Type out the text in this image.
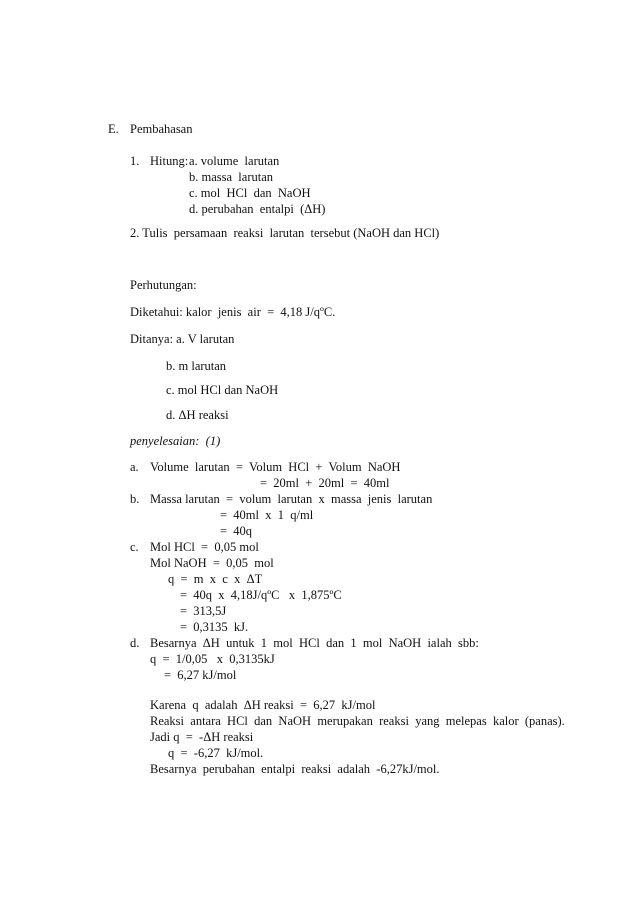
E. Pembahasan
1. Hitung: a. volume  larutan
b. massa  larutan
c. mol  HCl  dan  NaOH
d. perubahan  entalpi  (ΔH)
2. Tulis  persamaan  reaksi  larutan  tersebut (NaOH dan HCl)
Perhutungan:
Diketahui: kalor  jenis  air  =  4,18 J/qºC.
Ditanya: a. V larutan
b. m larutan
c. mol HCl dan NaOH
d. ΔH reaksi
penyelesaian:  (1)
a. Volume  larutan  =  Volum  HCl  +  Volum  NaOH
=  20ml  +  20ml  =  40ml
b. Massa larutan  =  volum  larutan  x  massa  jenis  larutan
=  40ml  x  1  q/ml
=  40q
c. Mol HCl  =  0,05 mol
Mol NaOH  =  0,05  mol
q  =  m  x  c  x  ΔT
=  40q  x  4,18J/qºC   x  1,875ºC
=  313,5J
=  0,3135  kJ.
d. Besarnya  ΔH  untuk  1  mol  HCl  dan  1  mol  NaOH  ialah  sbb:
q  =  1/0,05   x  0,3135kJ
=  6,27 kJ/mol
Karena  q  adalah  ΔH reaksi  =  6,27  kJ/mol
Reaksi  antara  HCl  dan  NaOH  merupakan  reaksi  yang  melepas  kalor  (panas).
Jadi q  =  -ΔH reaksi
q  =  -6,27  kJ/mol.
Besarnya  perubahan  entalpi  reaksi  adalah  -6,27kJ/mol.
